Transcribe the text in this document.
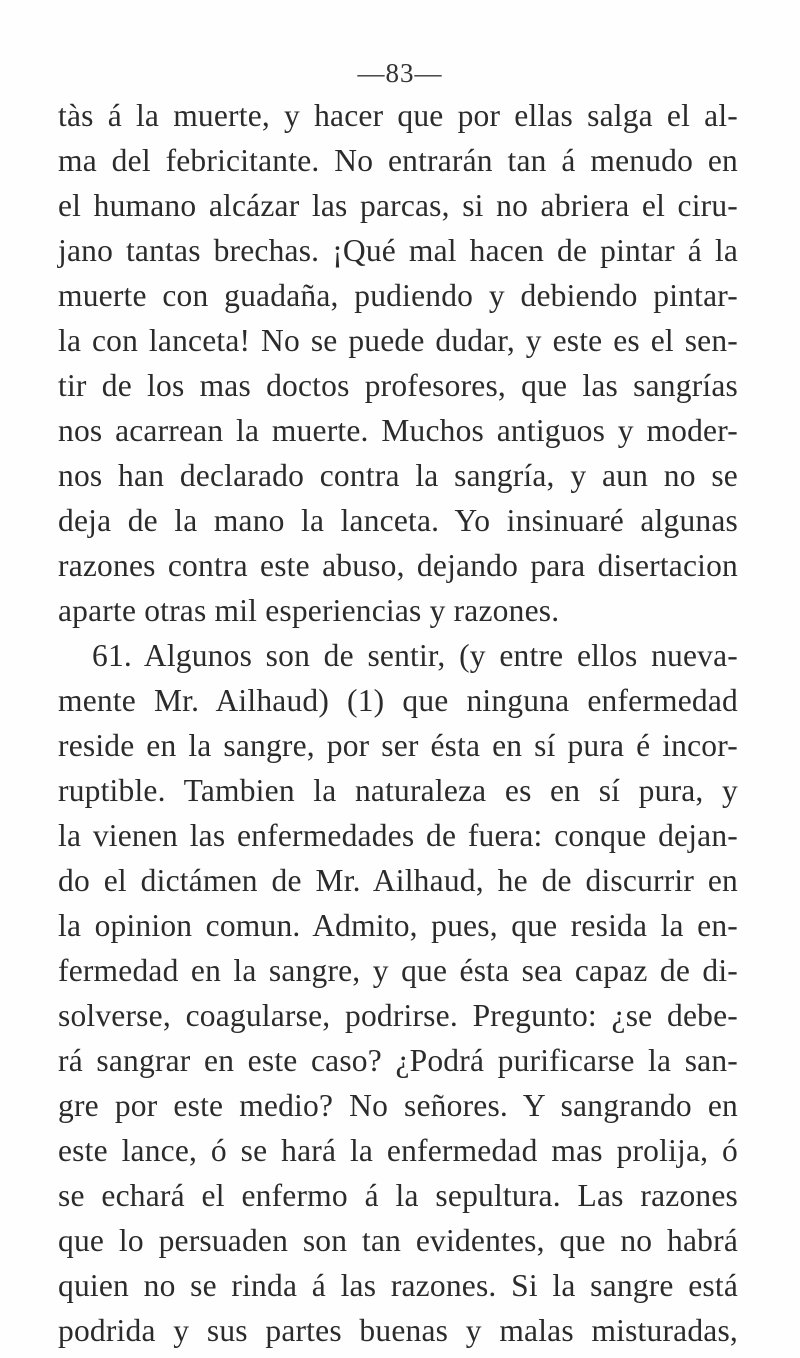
—83—
tàs á la muerte, y hacer que por ellas salga el al-
ma del febricitante. No entrarán tan á menudo en
el humano alcázar las parcas, si no abriera el ciru-
jano tantas brechas. ¡Qué mal hacen de pintar á la
muerte con guadaña, pudiendo y debiendo pintar-
la con lanceta! No se puede dudar, y este es el sen-
tir de los mas doctos profesores, que las sangrías
nos acarrean la muerte. Muchos antiguos y moder-
nos han declarado contra la sangría, y aun no se
deja de la mano la lanceta. Yo insinuaré algunas
razones contra este abuso, dejando para disertacion
aparte otras mil esperiencias y razones.
61. Algunos son de sentir, (y entre ellos nueva-
mente Mr. Ailhaud) (1) que ninguna enfermedad
reside en la sangre, por ser ésta en sí pura é incor-
ruptible. Tambien la naturaleza es en sí pura, y
la vienen las enfermedades de fuera: conque dejan-
do el dictámen de Mr. Ailhaud, he de discurrir en
la opinion comun. Admito, pues, que resida la en-
fermedad en la sangre, y que ésta sea capaz de di-
solverse, coagularse, podrirse. Pregunto: ¿se debe-
rá sangrar en este caso? ¿Podrá purificarse la san-
gre por este medio? No señores. Y sangrando en
este lance, ó se hará la enfermedad mas prolija, ó
se echará el enfermo á la sepultura. Las razones
que lo persuaden son tan evidentes, que no habrá
quien no se rinda á las razones. Si la sangre está
podrida y sus partes buenas y malas misturadas,
